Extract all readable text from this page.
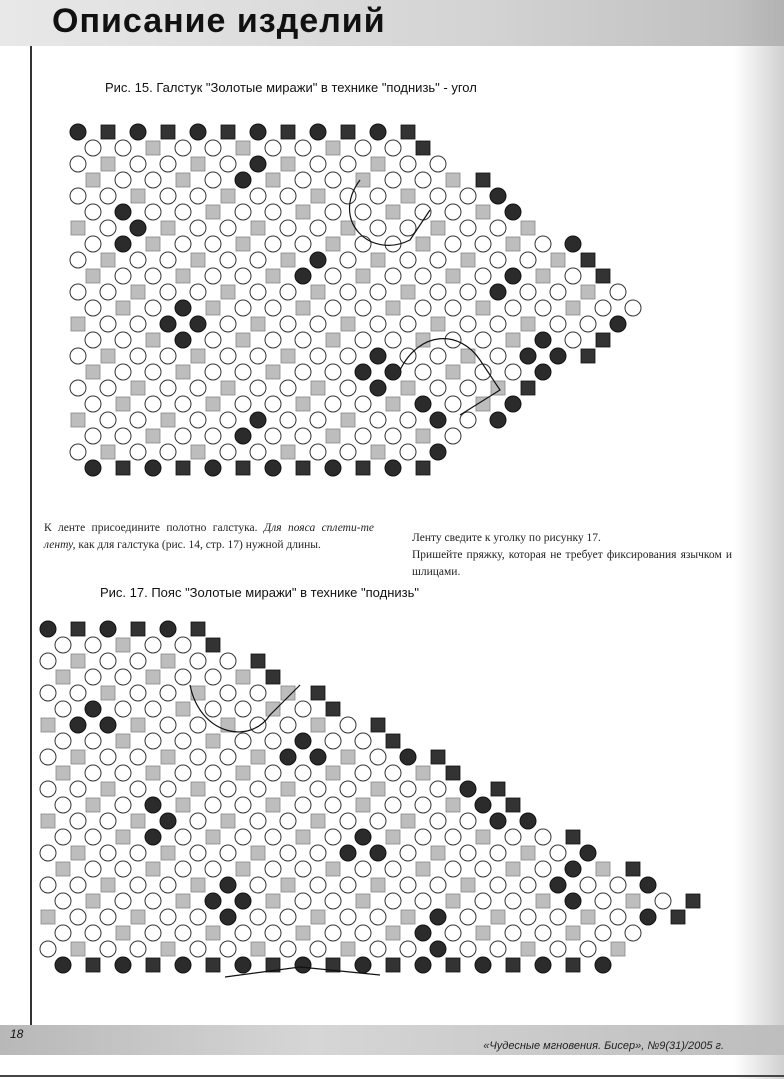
Описание изделий
Рис. 15. Галстук "Золотые миражи" в технике "поднизь" - угол

К ленте присоедините полотно галстука. Для пояса сплети-те ленту, как для галстука (рис. 14, стр. 17) нужной длины.

Ленту сведите к уголку по рисунку 17.

Пришейте пряжку, которая не требует фиксирования язычком и шлицами.

Рис. 17. Пояс "Золотые миражи" в технике "поднизь"
18
«Чудесные мгновения. Бисер», №9(31)/2005 г.
